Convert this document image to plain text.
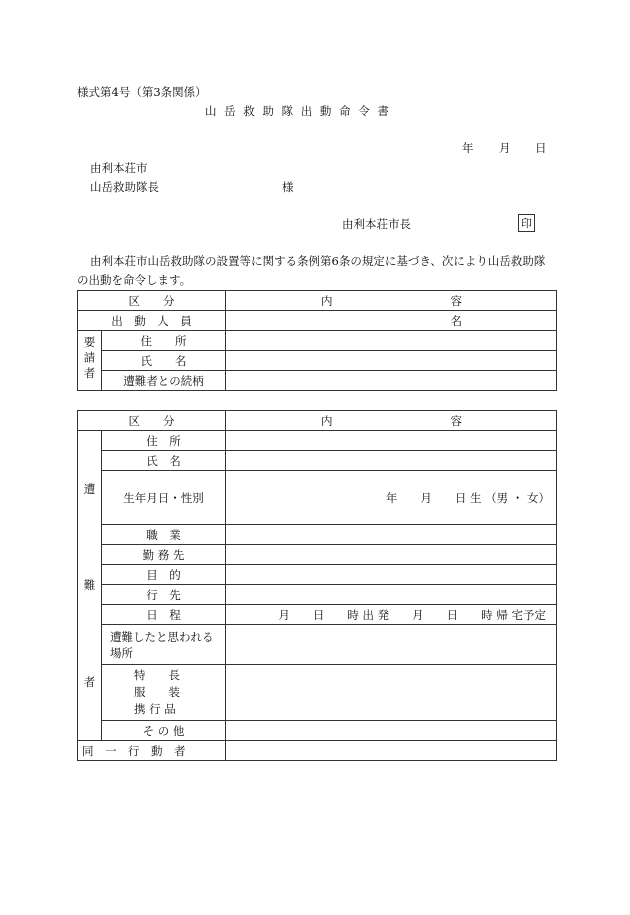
様式第4号（第3条関係）
山 岳 救 助 隊 出 動 命 令 書
年 月 日
由利本荘市
山岳救助隊長	様
由利本荘市長	印
由利本荘市山岳救助隊の設置等に関する条例第6条の規定に基づき、次により山岳救助隊
の出動を命令します。
区　　分		内 容

出　動　人　員		名
要請者	住　　所	
	氏　　名	
	遭難者との続柄	
区　　分		内 容

遭
難
者	住　所	
	氏　名	
	生年月日・性別	年　　月　　日 生 （男 ・ 女）
	職　業	
	勤 務 先	
	目　的	
	行　先	
	日　程	月　　日　　時 出 発　　月　　日　　時 帰 宅予定
	遭難したと思われる場所	

	特　　長
服　　装
携 行 品	

	そ の 他	
同　一　行　動　者		
